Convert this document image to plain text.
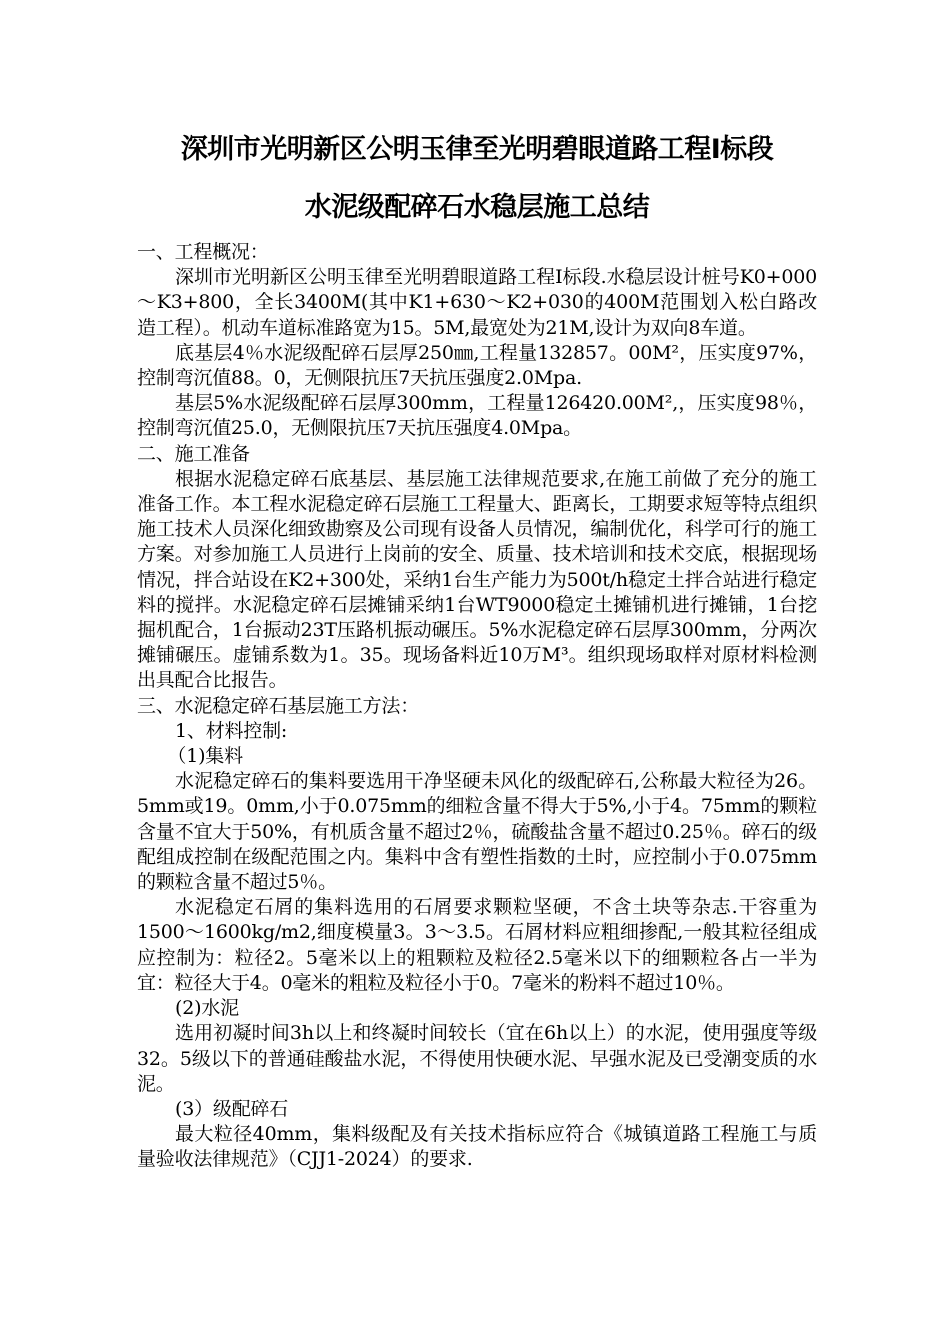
深圳市光明新区公明玉律至光明碧眼道路工程Ⅰ标段
水泥级配碎石水稳层施工总结

一、工程概况：

深圳市光明新区公明玉律至光明碧眼道路工程Ⅰ标段.水稳层设计桩号K0+000～K3+800，全长3400M(其中K1+630～K2+030的400M范围划入松白路改造工程）。机动车道标准路宽为15。5M,最宽处为21M,设计为双向8车道。

底基层4％水泥级配碎石层厚250㎜,工程量132857。00M²，压实度97%，控制弯沉值88。0，无侧限抗压7天抗压强度2.0Mpa.

基层5%水泥级配碎石层厚300mm，工程量126420.00M²,，压实度98％，控制弯沉值25.0，无侧限抗压7天抗压强度4.0Mpa。

二、施工准备

根据水泥稳定碎石底基层、基层施工法律规范要求,在施工前做了充分的施工准备工作。本工程水泥稳定碎石层施工工程量大、距离长，工期要求短等特点组织施工技术人员深化细致勘察及公司现有设备人员情况，编制优化，科学可行的施工方案。对参加施工人员进行上岗前的安全、质量、技术培训和技术交底，根据现场情况，拌合站设在K2+300处，采纳1台生产能力为500t/h稳定土拌合站进行稳定料的搅拌。水泥稳定碎石层摊铺采纳1台WT9000稳定土摊铺机进行摊铺，1台挖掘机配合，1台振动23T压路机振动碾压。5%水泥稳定碎石层厚300mm，分两次摊铺碾压。虚铺系数为1。35。现场备料近10万M³。组织现场取样对原材料检测出具配合比报告。

三、水泥稳定碎石基层施工方法：

1、材料控制:

（1)集料

水泥稳定碎石的集料要选用干净坚硬未风化的级配碎石,公称最大粒径为26。5mm或19。0mm,小于0.075mm的细粒含量不得大于5%,小于4。75mm的颗粒含量不宜大于50%，有机质含量不超过2％，硫酸盐含量不超过0.25％。碎石的级配组成控制在级配范围之内。集料中含有塑性指数的土时，应控制小于0.075mm的颗粒含量不超过5％。

水泥稳定石屑的集料选用的石屑要求颗粒坚硬，不含土块等杂志.干容重为1500～1600kg/m2,细度模量3。3～3.5。石屑材料应粗细掺配,一般其粒径组成应控制为：粒径2。5毫米以上的粗颗粒及粒径2.5毫米以下的细颗粒各占一半为宜：粒径大于4。0毫米的粗粒及粒径小于0。7毫米的粉料不超过10％。

(2)水泥

选用初凝时间3h以上和终凝时间较长（宜在6h以上）的水泥，使用强度等级32。5级以下的普通硅酸盐水泥，不得使用快硬水泥、早强水泥及已受潮变质的水泥。

(3）级配碎石

最大粒径40mm，集料级配及有关技术指标应符合《城镇道路工程施工与质量验收法律规范》（CJJ1-2024）的要求.
